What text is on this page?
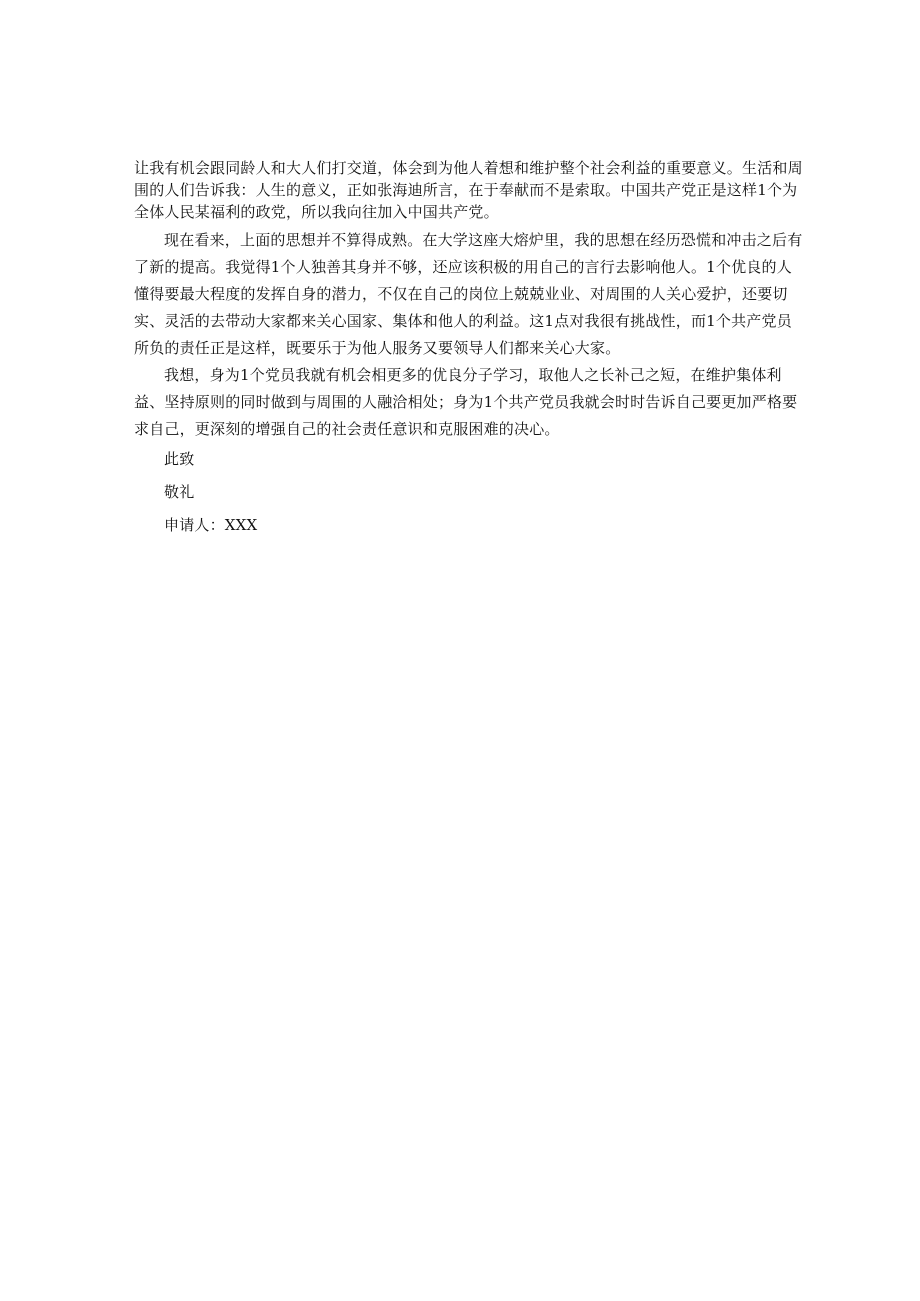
让我有机会跟同龄人和大人们打交道，体会到为他人着想和维护整个社会利益的重要意义。生活和周围的人们告诉我：人生的意义，正如张海迪所言，在于奉献而不是索取。中国共产党正是这样1个为全体人民某福利的政党，所以我向往加入中国共产党。

现在看来，上面的思想并不算得成熟。在大学这座大熔炉里，我的思想在经历恐慌和冲击之后有了新的提高。我觉得1个人独善其身并不够，还应该积极的用自己的言行去影响他人。1个优良的人懂得要最大程度的发挥自身的潜力，不仅在自己的岗位上兢兢业业、对周围的人关心爱护，还要切实、灵活的去带动大家都来关心国家、集体和他人的利益。这1点对我很有挑战性，而1个共产党员所负的责任正是这样，既要乐于为他人服务又要领导人们都来关心大家。

我想，身为1个党员我就有机会相更多的优良分子学习，取他人之长补己之短，在维护集体利益、坚持原则的同时做到与周围的人融洽相处；身为1个共产党员我就会时时告诉自己要更加严格要求自己，更深刻的增强自己的社会责任意识和克服困难的决心。

此致

敬礼

申请人：XXX
